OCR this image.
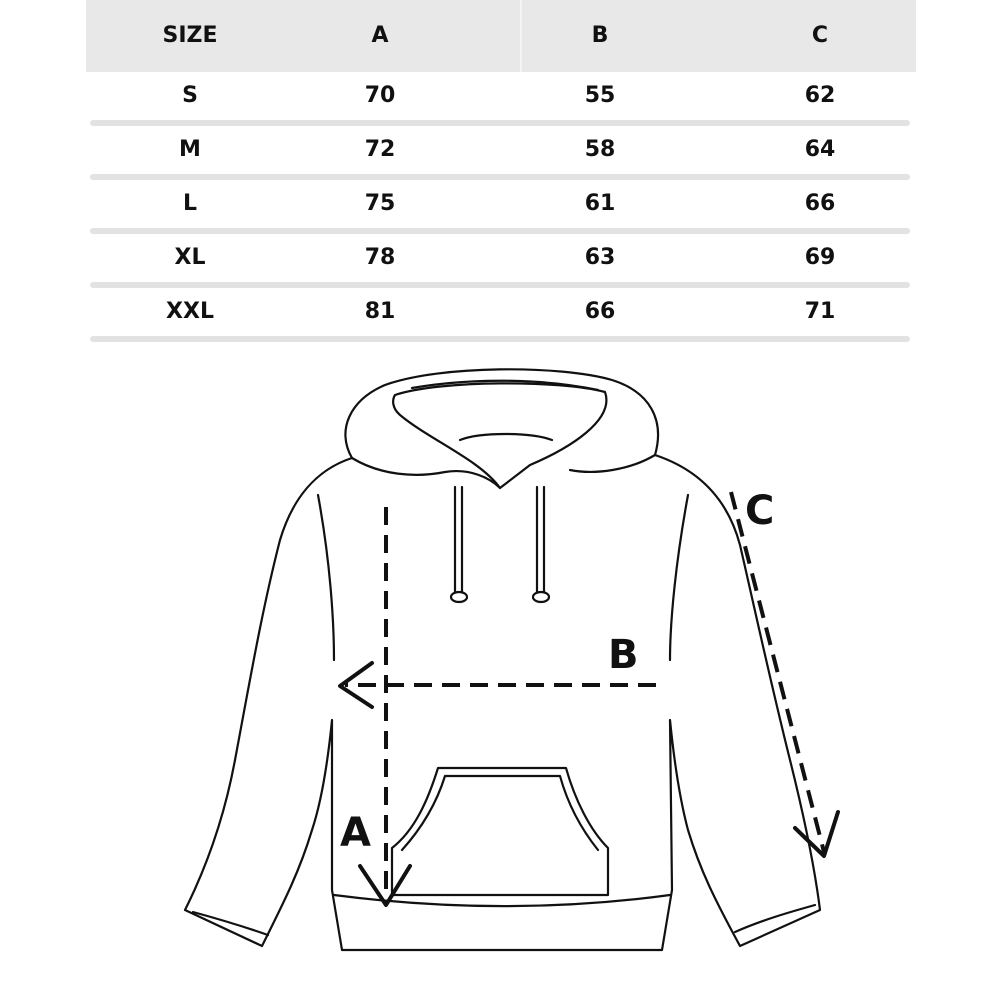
SIZE	A	B	C
S	70	55	62
M	72	58	64
L	75	61	66
XL	78	63	69
XXL	81	66	71
A
B
C
